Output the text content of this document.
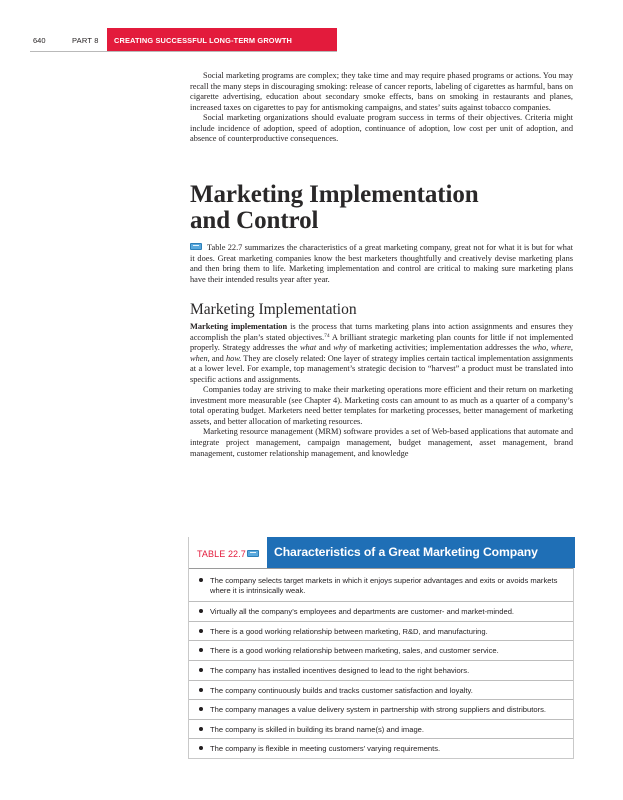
640	PART 8 CREATING SUCCESSFUL LONG-TERM GROWTH

Social marketing programs are complex; they take time and may require phased programs or actions. You may recall the many steps in discouraging smoking: release of cancer reports, labeling of cigarettes as harmful, bans on cigarette advertising, education about secondary smoke effects, bans on smoking in restaurants and planes, increased taxes on cigarettes to pay for antismoking campaigns, and states’ suits against tobacco companies.

Social marketing organizations should evaluate program success in terms of their objectives. Criteria might include incidence of adoption, speed of adoption, continuance of adoption, low cost per unit of adoption, and absence of counterproductive consequences.

Marketing Implementation
and Control

Table 22.7 summarizes the characteristics of a great marketing company, great not for what it is but for what it does. Great marketing companies know the best marketers thoughtfully and creatively devise marketing plans and then bring them to life. Marketing implementation and control are critical to making sure marketing plans have their intended results year after year.

Marketing Implementation

Marketing implementation is the process that turns marketing plans into action assignments and ensures they accomplish the plan’s stated objectives.$^{74}$ A brilliant strategic marketing plan counts for little if not implemented properly. Strategy addresses the what and why of marketing activities; implementation addresses the who, where, when, and how. They are closely related: One layer of strategy implies certain tactical implementation assignments at a lower level. For example, top management’s strategic decision to “harvest” a product must be translated into specific actions and assignments.

Companies today are striving to make their marketing operations more efficient and their return on marketing investment more measurable (see Chapter 4). Marketing costs can amount to as much as a quarter of a company’s total operating budget. Marketers need better templates for marketing processes, better management of marketing assets, and better allocation of marketing resources.

Marketing resource management (MRM) software provides a set of Web-based applications that automate and integrate project management, campaign management, budget management, asset management, brand management, customer relationship management, and knowledge

TABLE 22.7 Characteristics of a Great Marketing Company
The company selects target markets in which it enjoys superior advantages and exits or avoids markets where it is intrinsically weak.
Virtually all the company’s employees and departments are customer- and market-minded.
There is a good working relationship between marketing, R&D, and manufacturing.
There is a good working relationship between marketing, sales, and customer service.
The company has installed incentives designed to lead to the right behaviors.
The company continuously builds and tracks customer satisfaction and loyalty.
The company manages a value delivery system in partnership with strong suppliers and distributors.
The company is skilled in building its brand name(s) and image.
The company is flexible in meeting customers’ varying requirements.
